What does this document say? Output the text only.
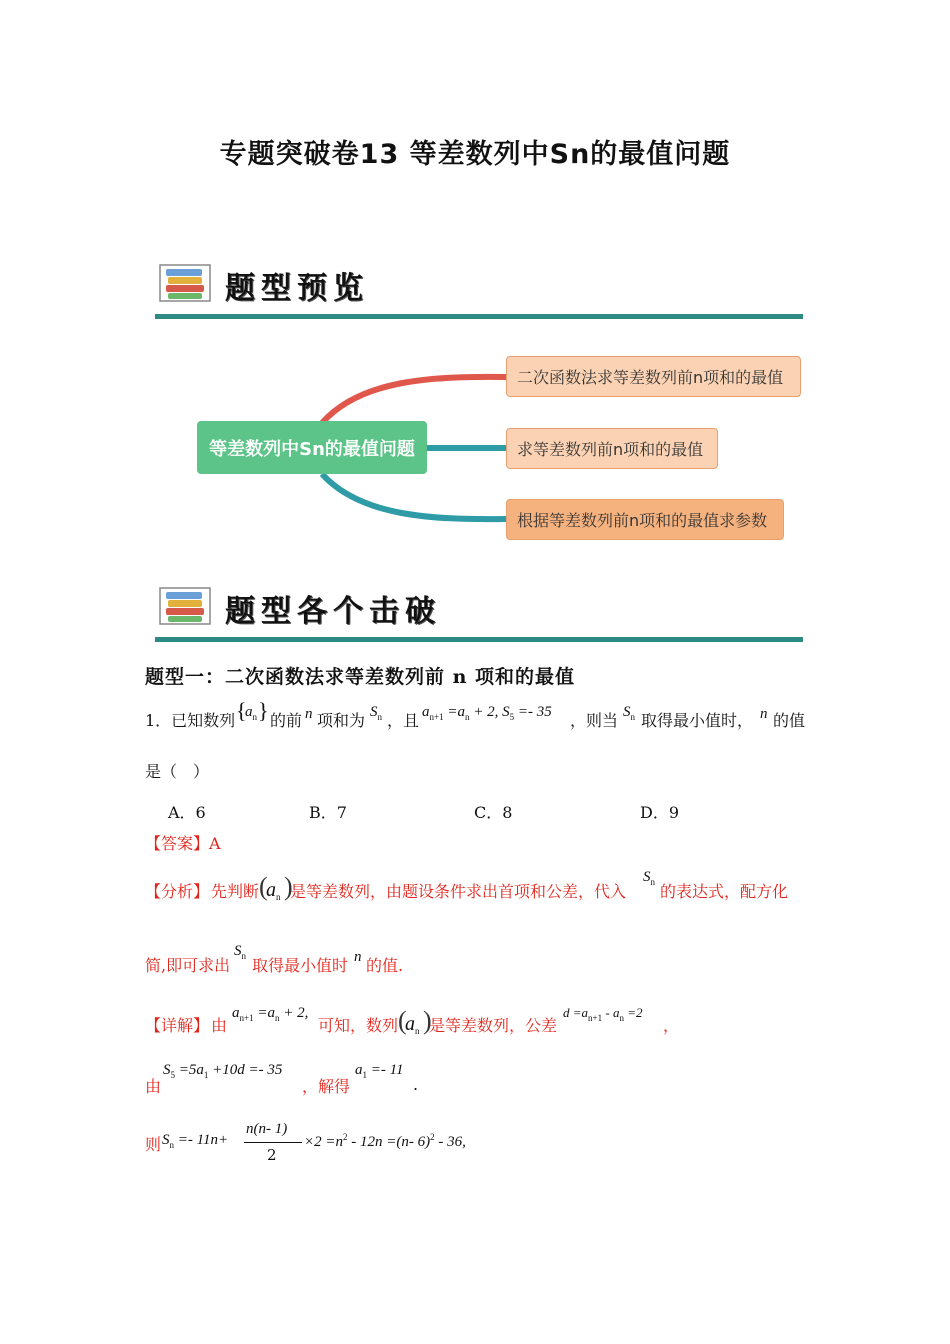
专题突破卷13 等差数列中Sn的最值问题
题型预览
等差数列中Sn的最值问题
二次函数法求等差数列前n项和的最值
求等差数列前n项和的最值
根据等差数列前n项和的最值求参数
题型各个击破
题型一：二次函数法求等差数列前 n 项和的最值
1．已知数列 {
$a_n$ } 的前 n 项和为 $S_n$ ，且 $a_{n+1} =a_n + 2$, $S_5 =- 35$ ，则当 $S_n$ 取得最小值时， n 的值
是（　）
A．6	B．7	C．8	D．9
【答案】A
【分析】 先判断 (
$a_n$ )
是等差数列，由题设条件求出首项和公差，代入
$S_n$ 的表达式，配方化
简,即可求出
$S_n$ 取得最小值时 n 的值.
【详解】 由
$a_{n+1} =a_n + 2$,
可知，数列 (
$a_n$ )
是等差数列，公差
$d =a_{n+1} - a_n =2$
，
$S_5 =5a_1 +10d =- 35$
由	，解得
$a_1 =- 11$
.
则 $S_n =- 11n+$
n(n- 1)
2
$\times 2 =n^2 - 12n =(n-$ 6)$^2$ - 36,
